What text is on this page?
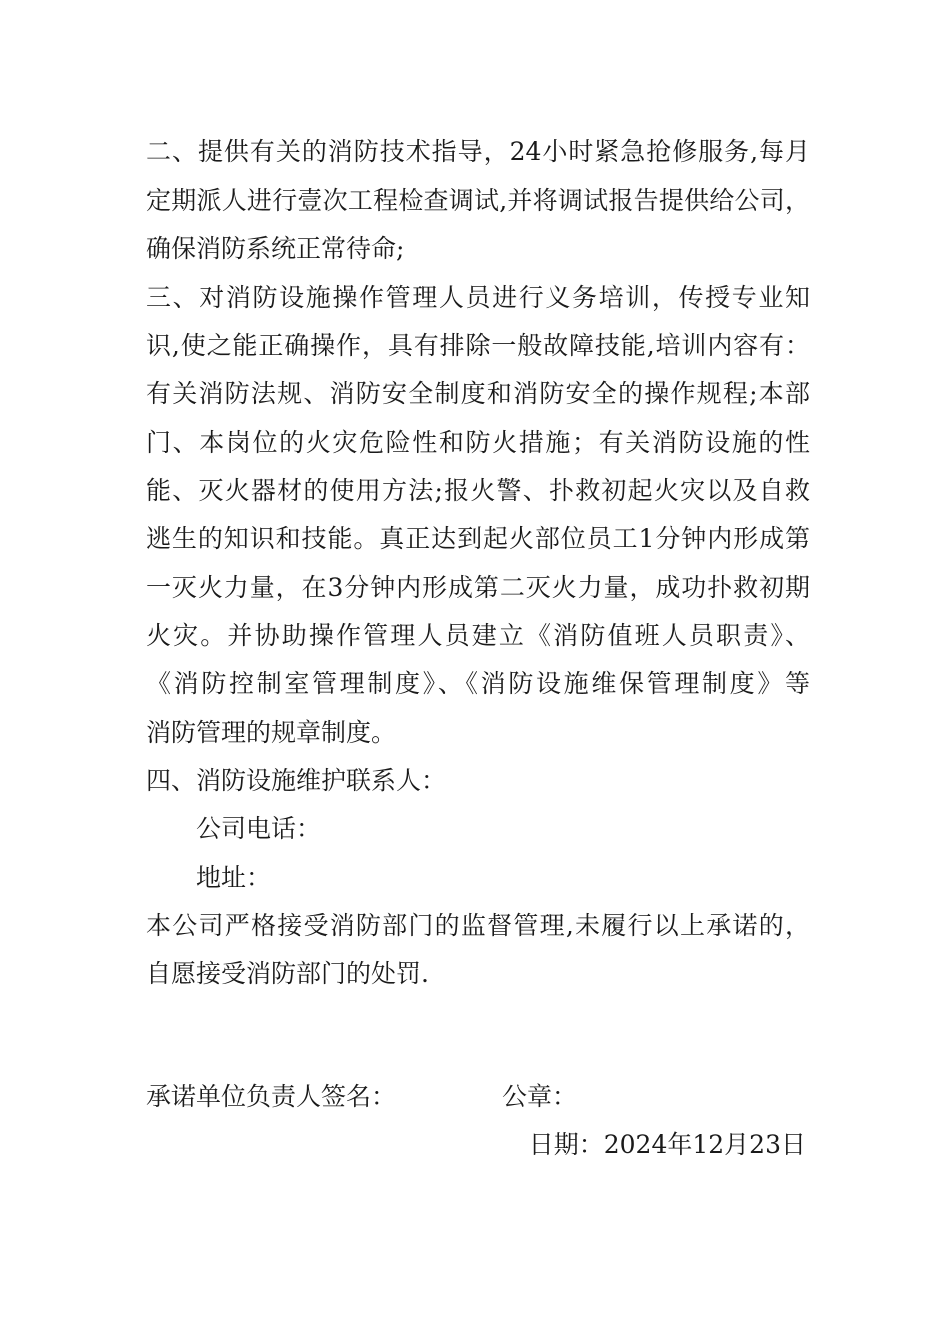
二、提供有关的消防技术指导，24小时紧急抢修服务,每月
定期派人进行壹次工程检查调试,并将调试报告提供给公司，
确保消防系统正常待命;
三、对消防设施操作管理人员进行义务培训，传授专业知
识,使之能正确操作，具有排除一般故障技能,培训内容有：
有关消防法规、消防安全制度和消防安全的操作规程;本部
门、本岗位的火灾危险性和防火措施；有关消防设施的性
能、灭火器材的使用方法;报火警、扑救初起火灾以及自救
逃生的知识和技能。真正达到起火部位员工1分钟内形成第
一灭火力量，在3分钟内形成第二灭火力量，成功扑救初期
火灾。并协助操作管理人员建立《消防值班人员职责》、
《消防控制室管理制度》、《消防设施维保管理制度》等
消防管理的规章制度。
四、消防设施维护联系人：
公司电话：
地址：
本公司严格接受消防部门的监督管理,未履行以上承诺的，
自愿接受消防部门的处罚.
承诺单位负责人签名：	公章：
日期：2024年12月23日
